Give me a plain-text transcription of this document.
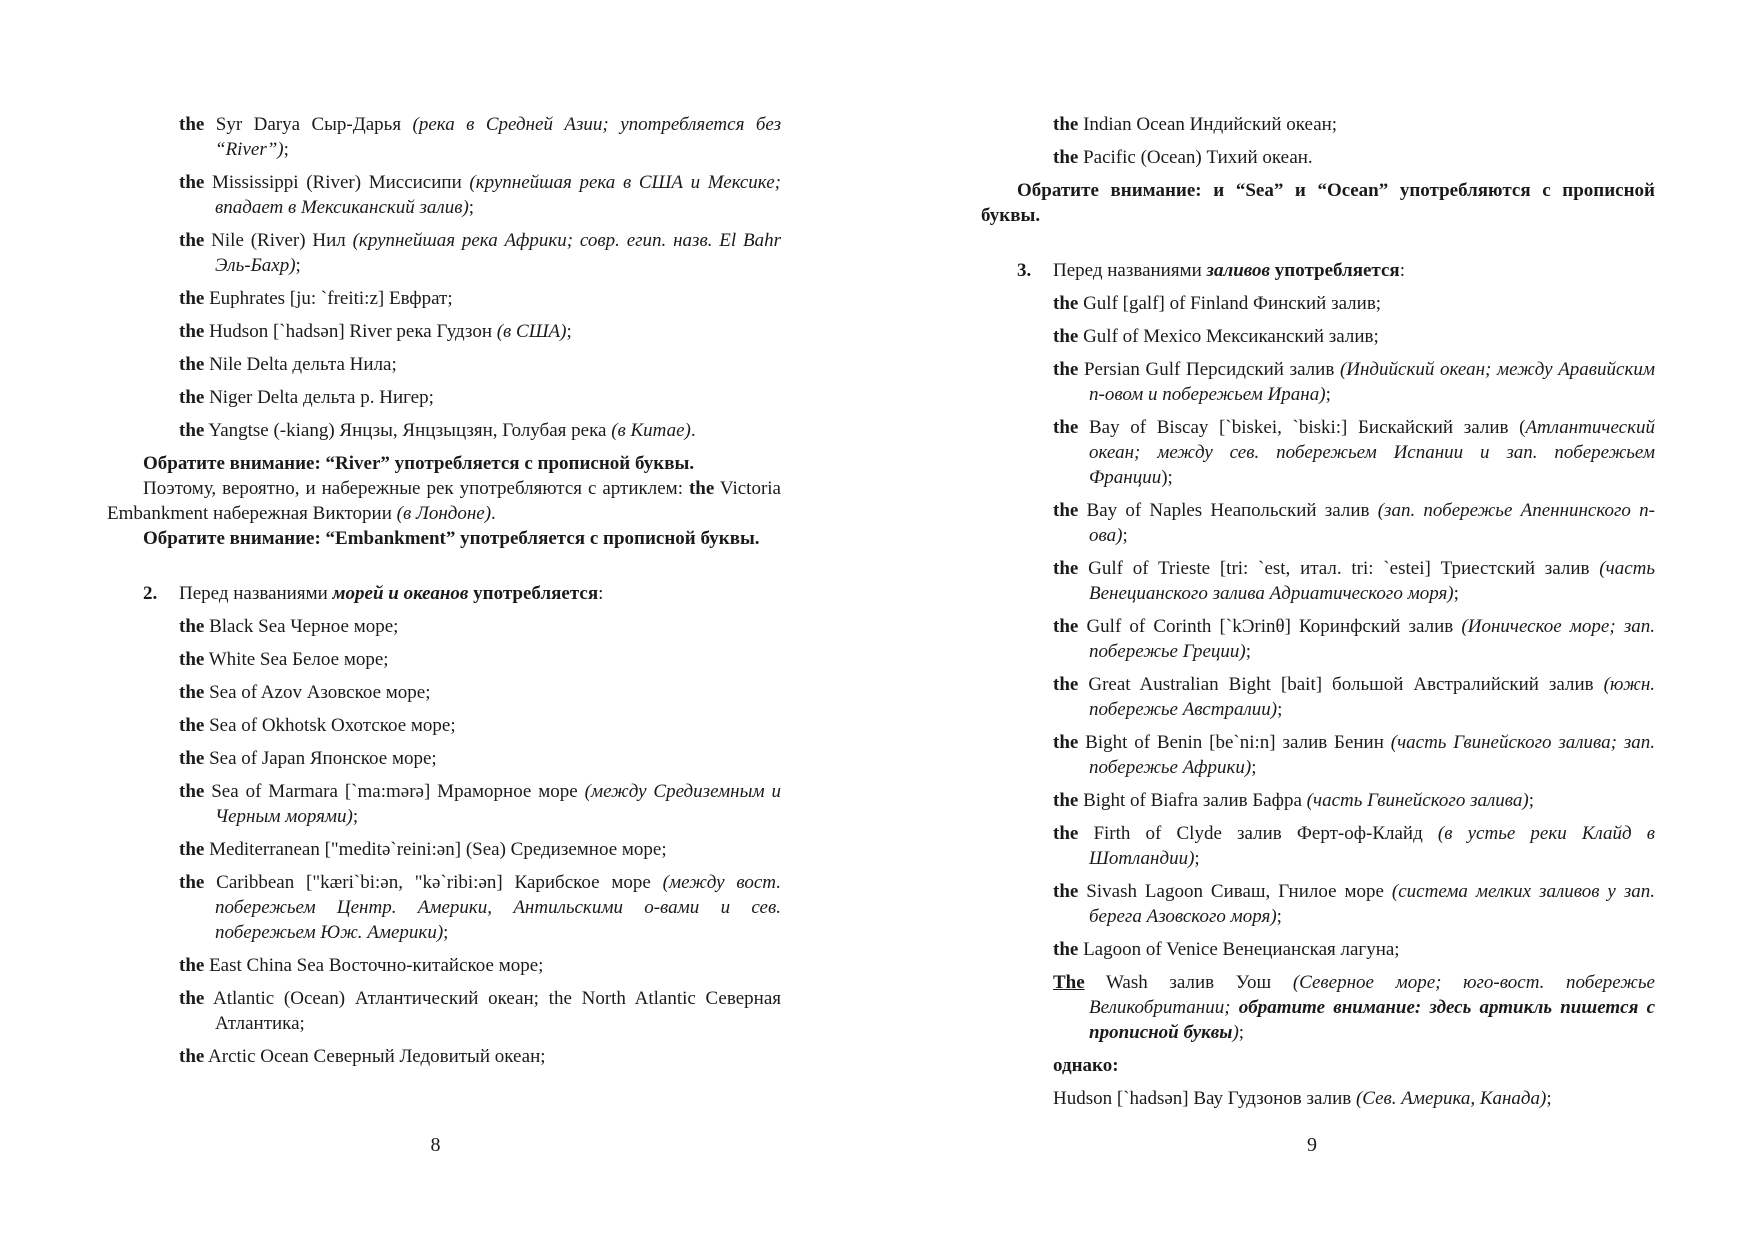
the Syr Darya Сыр-Дарья (река в Средней Азии; употребляется без “River”);
the Mississippi (River) Миссисипи (крупнейшая река в США и Мексике; впадает в Мексиканский залив);
the Nile (River) Нил (крупнейшая река Африки; совр. егип. назв. El Bahr Эль-Бахр);
the Euphrates [ju: `freiti:z] Евфрат;
the Hudson [`hadsən] River река Гудзон (в США);
the Nile Delta дельта Нила;
the Niger Delta дельта р. Нигер;
the Yangtse (-kiang) Янцзы, Янцзыцзян, Голубая река (в Китае).

Обратите внимание: “River” употребляется с прописной буквы.

Поэтому, вероятно, и набережные рек употребляются с артиклем: the Victoria Embankment набережная Виктории (в Лондоне).

Обратите внимание: “Embankment” употребляется с прописной буквы.

2.	Перед названиями морей и океанов употребляется:
the Black Sea Черное море;
the White Sea Белое море;
the Sea of Azov Азовское море;
the Sea of Okhotsk Охотское море;
the Sea of Japan Японское море;
the Sea of Marmara [`ma:mərə] Мраморное море (между Средиземным и Черным морями);
the Mediterranean ["meditə`reini:ən] (Sea) Средиземное море;
the Caribbean ["kæri`bi:ən, "kə`ribi:ən] Карибское море (между вост. побережьем Центр. Америки, Антильскими о-вами и сев. побережьем Юж. Америки);
the East China Sea Восточно-китайское море;
the Atlantic (Ocean) Атлантический океан; the North Atlantic Северная Атлантика;
the Arctic Ocean Северный Ледовитый океан;
8
the Indian Ocean Индийский океан;
the Pacific (Ocean) Тихий океан.

Обратите внимание: и “Sea” и “Ocean” употребляются с прописной буквы.

3.	Перед названиями заливов употребляется:
the Gulf [galf] of Finland Финский залив;
the Gulf of Mexico Мексиканский залив;
the Persian Gulf Персидский залив (Индийский океан; между Аравийским п-овом и побережьем Ирана);
the Bay of Biscay [`biskei, `biski:] Бискайский залив (Атлантический океан; между сев. побережьем Испании и зап. побережьем Франции);
the Bay of Naples Неапольский залив (зап. побережье Апеннинского п-ова);
the Gulf of Trieste [tri: `est, итал. tri: `estei] Триестский залив (часть Венецианского залива Адриатического моря);
the Gulf of Corinth [`kƆrinθ] Коринфский залив (Ионическое море; зап. побережье Греции);
the Great Australian Bight [bait] большой Австралийский залив (южн. побережье Австралии);
the Bight of Benin [be`ni:n] залив Бенин (часть Гвинейского залива; зап. побережье Африки);
the Bight of Biafra залив Бафра (часть Гвинейского залива);
the Firth of Clyde залив Ферт-оф-Клайд (в устье реки Клайд в Шотландии);
the Sivash Lagoon Сиваш, Гнилое море (система мелких заливов у зап. берега Азовского моря);
the Lagoon of Venice Венецианская лагуна;
The Wash залив Уош (Северное море; юго-вост. побережье Великобритании; обратите внимание: здесь артикль пишется с прописной буквы);
однако:
Hudson [`hadsən] Вау Гудзонов залив (Сев. Америка, Канада);
9
